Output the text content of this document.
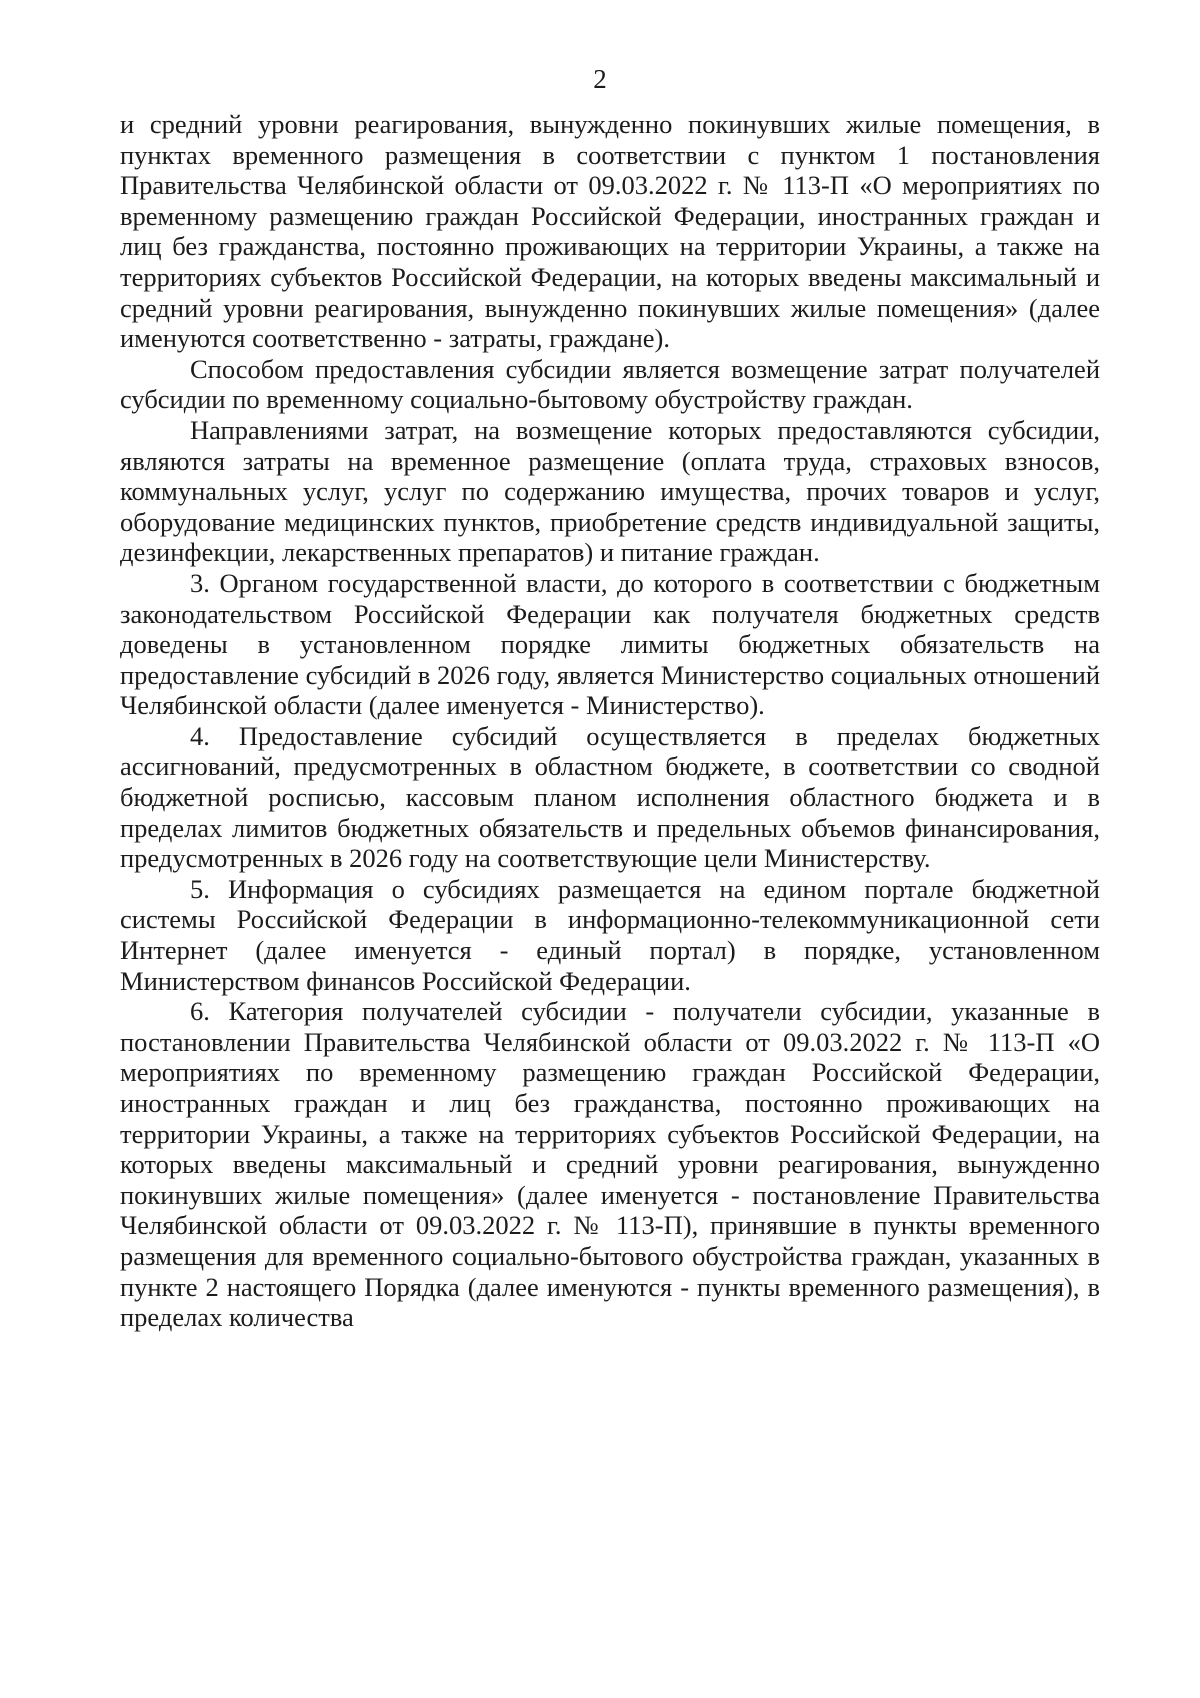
2

и средний уровни реагирования, вынужденно покинувших жилые помещения, в пунктах временного размещения в соответствии с пунктом 1 постановления Правительства Челябинской области от 09.03.2022 г. № 113-П «О мероприятиях по временному размещению граждан Российской Федерации, иностранных граждан и лиц без гражданства, постоянно проживающих на территории Украины, а также на территориях субъектов Российской Федерации, на которых введены максимальный и средний уровни реагирования, вынужденно покинувших жилые помещения» (далее именуются соответственно - затраты, граждане).

Способом предоставления субсидии является возмещение затрат получателей субсидии по временному социально-бытовому обустройству граждан.

Направлениями затрат, на возмещение которых предоставляются субсидии, являются затраты на временное размещение (оплата труда, страховых взносов, коммунальных услуг, услуг по содержанию имущества, прочих товаров и услуг, оборудование медицинских пунктов, приобретение средств индивидуальной защиты, дезинфекции, лекарственных препаратов) и питание граждан.

3. Органом государственной власти, до которого в соответствии с бюджетным законодательством Российской Федерации как получателя бюджетных средств доведены в установленном порядке лимиты бюджетных обязательств на предоставление субсидий в 2026 году, является Министерство социальных отношений Челябинской области (далее именуется - Министерство).

4. Предоставление субсидий осуществляется в пределах бюджетных ассигнований, предусмотренных в областном бюджете, в соответствии со сводной бюджетной росписью, кассовым планом исполнения областного бюджета и в пределах лимитов бюджетных обязательств и предельных объемов финансирования, предусмотренных в 2026 году на соответствующие цели Министерству.

5. Информация о субсидиях размещается на едином портале бюджетной системы Российской Федерации в информационно-телекоммуникационной сети Интернет (далее именуется - единый портал) в порядке, установленном Министерством финансов Российской Федерации.

6. Категория получателей субсидии - получатели субсидии, указанные в постановлении Правительства Челябинской области от 09.03.2022 г. № 113-П «О мероприятиях по временному размещению граждан Российской Федерации, иностранных граждан и лиц без гражданства, постоянно проживающих на территории Украины, а также на территориях субъектов Российской Федерации, на которых введены максимальный и средний уровни реагирования, вынужденно покинувших жилые помещения» (далее именуется - постановление Правительства Челябинской области от 09.03.2022 г. № 113-П), принявшие в пункты временного размещения для временного социально-бытового обустройства граждан, указанных в пункте 2 настоящего Порядка (далее именуются - пункты временного размещения), в пределах количества
